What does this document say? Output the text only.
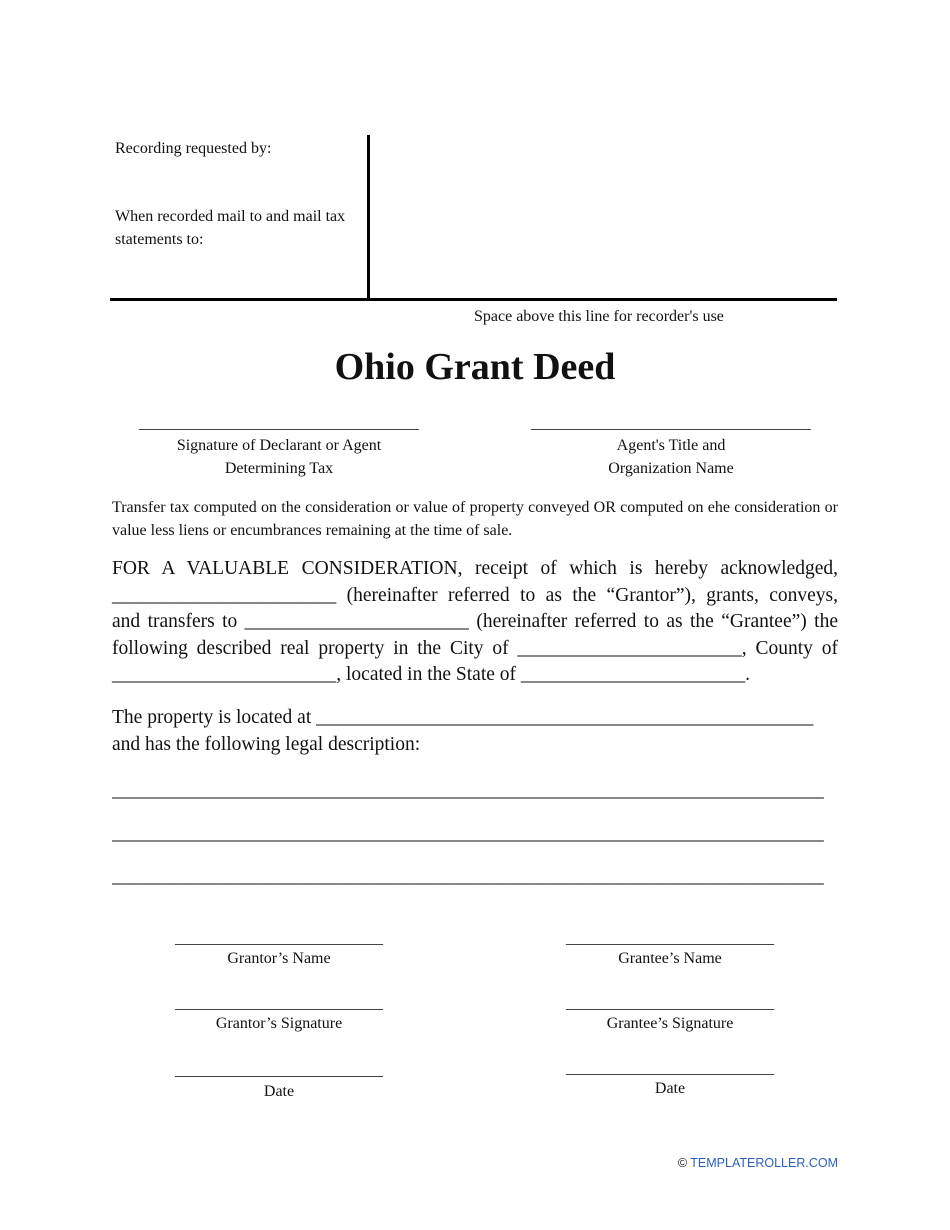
Recording requested by:
When recorded mail to and mail tax statements to:
Space above this line for recorder's use
Ohio Grant Deed
___________________________________
Signature of Declarant or Agent
Determining Tax
___________________________________
Agent's Title and
Organization Name
Transfer tax computed on the consideration or value of property conveyed OR computed on ehe consideration or value less liens or encumbrances remaining at the time of sale.
FOR A VALUABLE CONSIDERATION, receipt of which is hereby acknowledged,
_______________________ (hereinafter referred to as the “Grantor”), grants, conveys,
and transfers to _______________________ (hereinafter referred to as the “Grantee”) the
following described real property in the City of _______________________, County of
_______________________, located in the State of _______________________.
The property is located at ___________________________________________________
and has the following legal description:
_________________________________________________________________________
_________________________________________________________________________
_________________________________________________________________________
__________________________
Grantor’s Name
__________________________
Grantor’s Signature
__________________________
Date
__________________________
Grantee’s Name
__________________________
Grantee’s Signature
__________________________
Date
© TEMPLATEROLLER.COM
